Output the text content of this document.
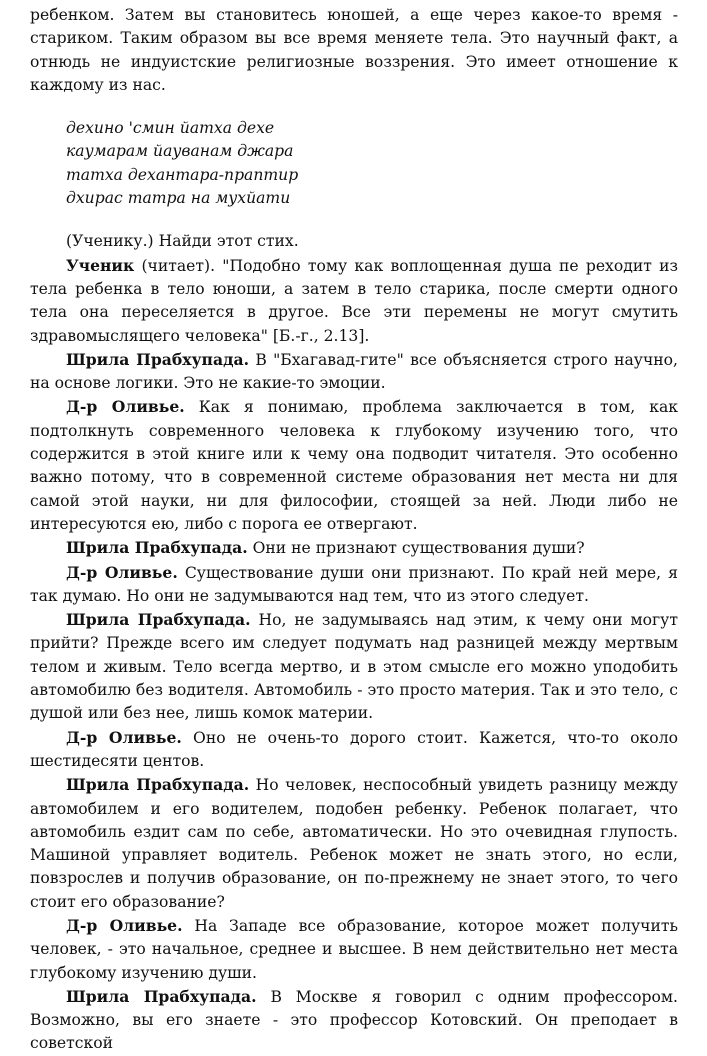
ребенком. Затем вы становитесь юношей, а еще через какое-то время - стариком. Таким образом вы все время меняете тела. Это научный факт, а отнюдь не индуистские религиозные воззрения. Это имеет отношение к каждому из нас.

дехино 'смин йатха дехе
каумарам йауванам джара
татха дехантара-праптир
дхирас татра на мухйати

(Ученику.) Найди этот стих.

Ученик (читает). "Подобно тому как воплощенная душа пе реходит из тела ребенка в тело юноши, а затем в тело старика, после смерти одного тела она переселяется в другое. Все эти перемены не могут смутить здравомыслящего человека" [Б.-г., 2.13].

Шрила Прабхупада. В "Бхагавад-гите" все объясняется строго научно, на основе логики. Это не какие-то эмоции.

Д-р Оливье. Как я понимаю, проблема заключается в том, как подтолкнуть современного человека к глубокому изучению того, что содержится в этой книге или к чему она подводит читателя. Это особенно важно потому, что в современной системе образования нет места ни для самой этой науки, ни для философии, стоящей за ней. Люди либо не интересуются ею, либо с порога ее отвергают.

Шрила Прабхупада. Они не признают существования души?

Д-р Оливье. Существование души они признают. По край ней мере, я так думаю. Но они не задумываются над тем, что из этого следует.

Шрила Прабхупада. Но, не задумываясь над этим, к чему они могут прийти? Прежде всего им следует подумать над разницей между мертвым телом и живым. Тело всегда мертво, и в этом смысле его можно уподобить автомобилю без водителя. Автомобиль - это просто материя. Так и это тело, с душой или без нее, лишь комок материи.

Д-р Оливье. Оно не очень-то дорого стоит. Кажется, что-то около шестидесяти центов.

Шрила Прабхупада. Но человек, неспособный увидеть разницу между автомобилем и его водителем, подобен ребенку. Ребенок полагает, что автомобиль ездит сам по себе, автоматически. Но это очевидная глупость. Машиной управляет водитель. Ребенок может не знать этого, но если, повзрослев и получив образование, он по-прежнему не знает этого, то чего стоит его образование?

Д-р Оливье. На Западе все образование, которое может получить человек, - это начальное, среднее и высшее. В нем действительно нет места глубокому изучению души.

Шрила Прабхупада. В Москве я говорил с одним профессором. Возможно, вы его знаете - это профессор Котовский. Он преподает в советской
